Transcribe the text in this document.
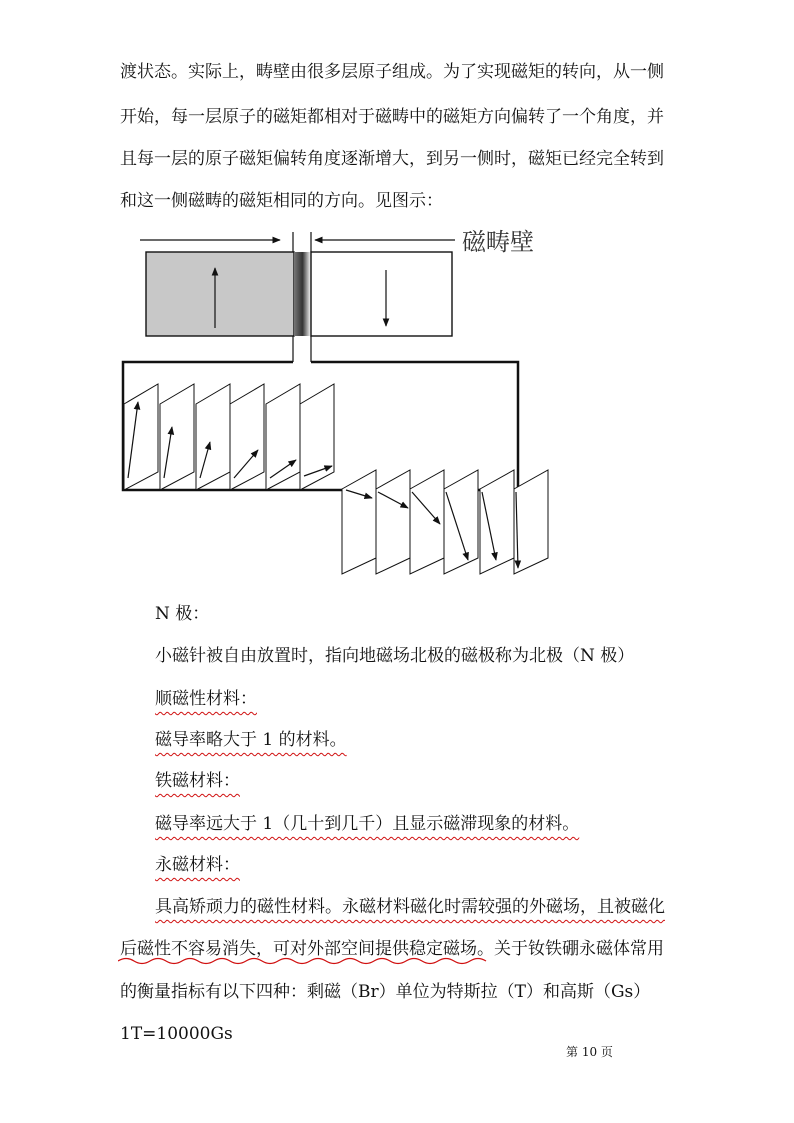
渡状态。实际上，畴壁由很多层原子组成。为了实现磁矩的转向，从一侧
开始，每一层原子的磁矩都相对于磁畴中的磁矩方向偏转了一个角度，并
且每一层的原子磁矩偏转角度逐渐增大，到另一侧时，磁矩已经完全转到
和这一侧磁畴的磁矩相同的方向。见图示：
磁畴壁
N 极：
小磁针被自由放置时，指向地磁场北极的磁极称为北极（N 极）
顺磁性材料：
磁导率略大于 1 的材料。
铁磁材料：
磁导率远大于 1（几十到几千）且显示磁滞现象的材料。
永磁材料：
具高矫顽力的磁性材料。永磁材料磁化时需较强的外磁场，且被磁化
后磁性不容易消失，可对外部空间提供稳定磁场。关于钕铁硼永磁体常用
的衡量指标有以下四种：剩磁（Br）单位为特斯拉（T）和高斯（Gs）
1T=10000Gs
第 10 页
